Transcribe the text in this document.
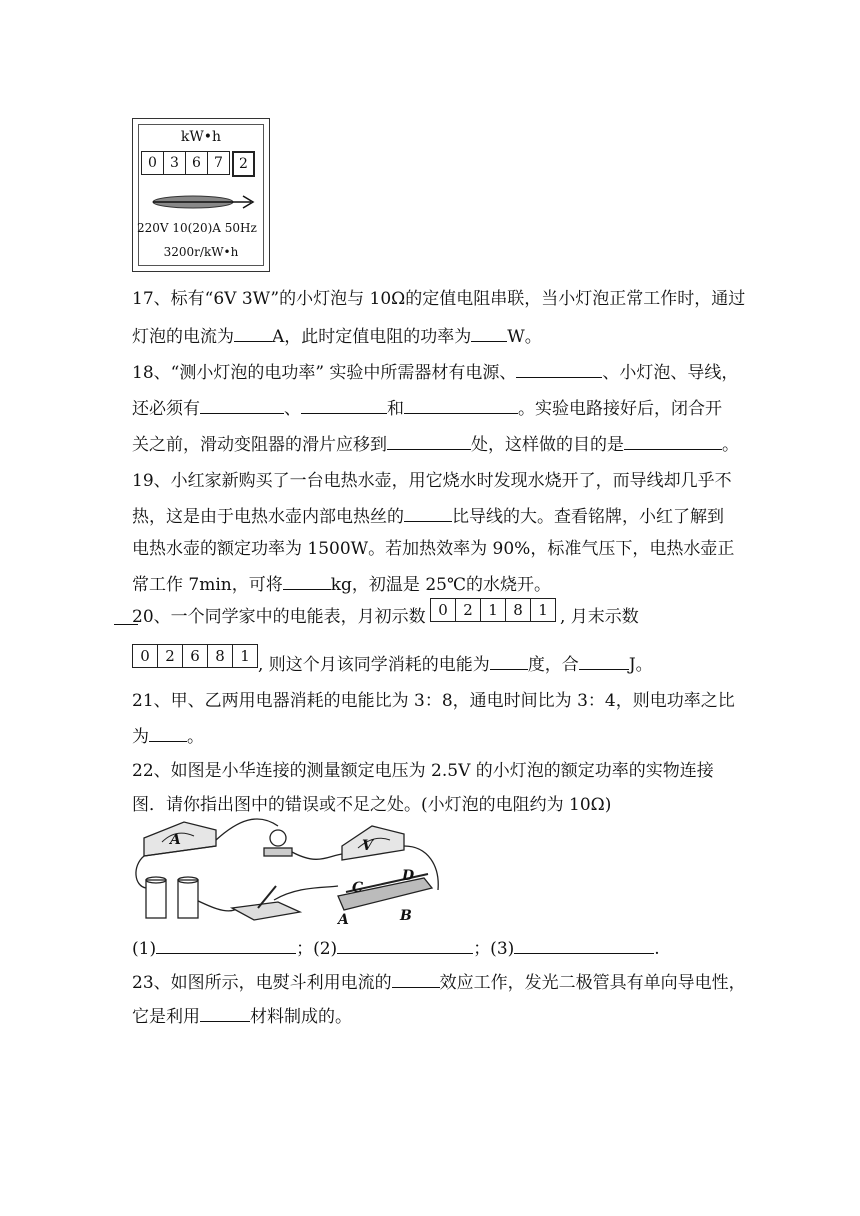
kW•h
0 3 6 7	2
220V 10(20)A 50Hz
3200r/kW•h
17、标有“6V 3W”的小灯泡与 10Ω的定值电阻串联，当小灯泡正常工作时，通过
灯泡的电流为 A，此时定值电阻的功率为 W。
18、“测小灯泡的电功率” 实验中所需器材有电源、	、小灯泡、导线，
还必须有	、	和	。实验电路接好后，闭合开
关之前，滑动变阻器的滑片应移到	处，这样做的目的是	。
19、小红家新购买了一台电热水壶，用它烧水时发现水烧开了，而导线却几乎不
热，这是由于电热水壶内部电热丝的	比导线的大。查看铭牌，小红了解到
电热水壶的额定功率为 1500W。若加热效率为 90%，标准气压下，电热水壶正
常工作 7min，可将	kg，初温是 25℃的水烧开。
20、一个同学家中的电能表，月初示数 0	2	1	8	1 , 月末示数
0	2	6	8	1 , 则这个月该同学消耗的电能为 度，合	J。
21、甲、乙两用电器消耗的电能比为 3：8，通电时间比为 3：4，则电功率之比
为 。
22、如图是小华连接的测量额定电压为 2.5V 的小灯泡的额定功率的实物连接
图．请你指出图中的错误或不足之处。(小灯泡的电阻约为 10Ω)
A	V
C
D
A	B
(1)	；(2)	；(3)	.
23、如图所示，电熨斗利用电流的	效应工作，发光二极管具有单向导电性，
它是利用	材料制成的。
